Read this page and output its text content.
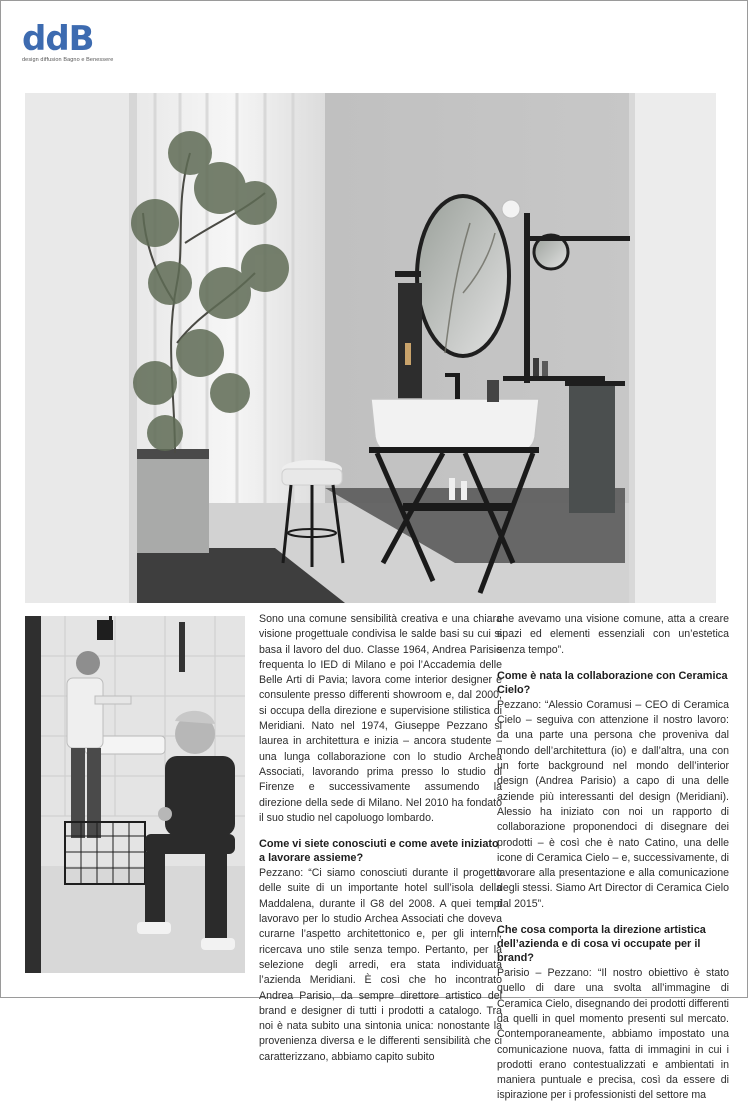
ddB
design diffusion Bagno e Benessere

Sono una comune sensibilità creativa e una chiara visione progettuale condivisa le salde basi su cui si basa il lavoro del duo. Classe 1964, Andrea Parisio frequenta lo IED di Milano e poi l’Accademia delle Belle Arti di Pavia; lavora come interior designer e consulente presso differenti showroom e, dal 2000, si occupa della direzione e supervisione stilistica di Meridiani. Nato nel 1974, Giuseppe Pezzano si laurea in architettura e inizia – ancora studente – una lunga collaborazione con lo studio Archea Associati, lavorando prima presso lo studio di Firenze e successivamente assumendo la direzione della sede di Milano. Nel 2010 ha fondato il suo studio nel capoluogo lombardo.

Come vi siete conosciuti e come avete iniziato a lavorare assieme?

Pezzano: “Ci siamo conosciuti durante il progetto delle suite di un importante hotel sull’isola della Maddalena, durante il G8 del 2008. A quei tempi lavoravo per lo studio Archea Associati che doveva curarne l’aspetto architettonico e, per gli interni, ricercava uno stile senza tempo. Pertanto, per la selezione degli arredi, era stata individuata l’azienda Meridiani. È così che ho incontrato Andrea Parisio, da sempre direttore artistico del brand e designer di tutti i prodotti a catalogo. Tra noi è nata subito una sintonia unica: nonostante la provenienza diversa e le differenti sensibilità che ci caratterizzano, abbiamo capito subito

che avevamo una visione comune, atta a creare spazi ed elementi essenziali con un’estetica senza tempo”.

Come è nata la collaborazione con Ceramica Cielo?

Pezzano: “Alessio Coramusi – CEO di Ceramica Cielo – seguiva con attenzione il nostro lavoro: da una parte una persona che proveniva dal mondo dell’architettura (io) e dall’altra, una con un forte background nel mondo dell’interior design (Andrea Parisio) a capo di una delle aziende più interessanti del design (Meridiani). Alessio ha iniziato con noi un rapporto di collaborazione proponendoci di disegnare dei prodotti – è così che è nato Catino, una delle icone di Ceramica Cielo – e, successivamente, di lavorare alla presentazione e alla comunicazione degli stessi. Siamo Art Director di Ceramica Cielo dal 2015”.

Che cosa comporta la direzione artistica dell’azienda e di cosa vi occupate per il brand?

Parisio – Pezzano: “Il nostro obiettivo è stato quello di dare una svolta all’immagine di Ceramica Cielo, disegnando dei prodotti differenti da quelli in quel momento presenti sul mercato. Contemporaneamente, abbiamo impostato una comunicazione nuova, fatta di immagini in cui i prodotti erano contestualizzati e ambientati in maniera puntuale e precisa, così da essere di ispirazione per i professionisti del settore ma
